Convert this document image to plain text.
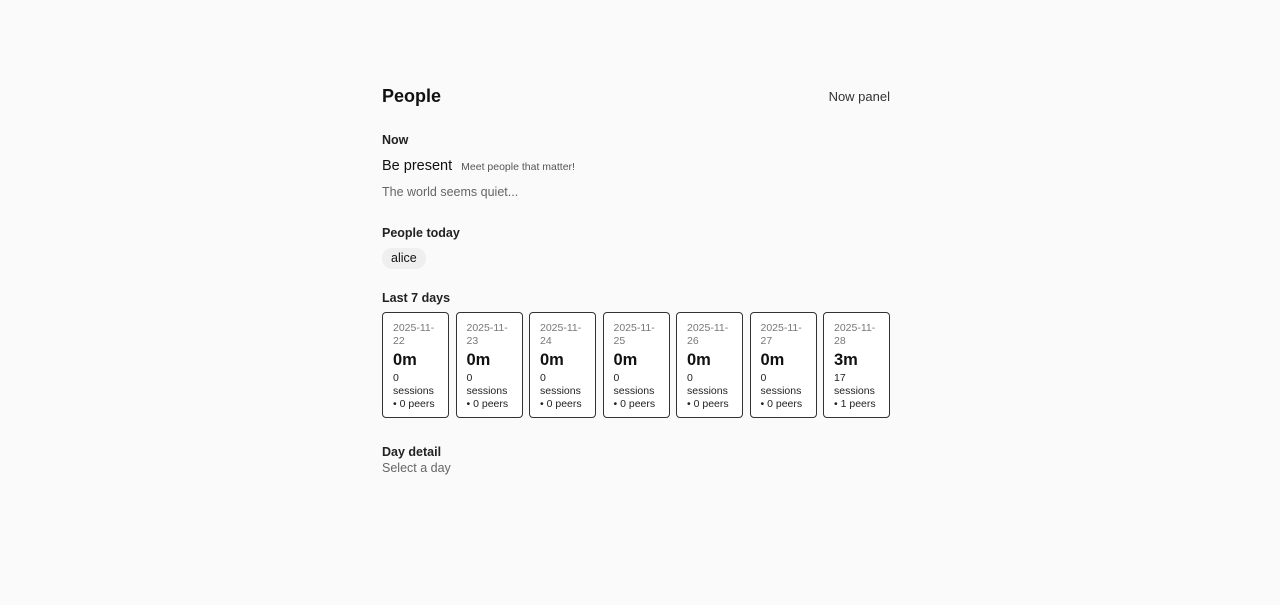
People	Now panel
Now
Be present Meet people that matter!
The world seems quiet...
People today
alice
Last 7 days
2025-11-22
0m
0 sessions • 0 peers
2025-11-23
0m
0 sessions • 0 peers
2025-11-24
0m
0 sessions • 0 peers
2025-11-25
0m
0 sessions • 0 peers
2025-11-26
0m
0 sessions • 0 peers
2025-11-27
0m
0 sessions • 0 peers
2025-11-28
3m
17 sessions • 1 peers
Day detail
Select a day
